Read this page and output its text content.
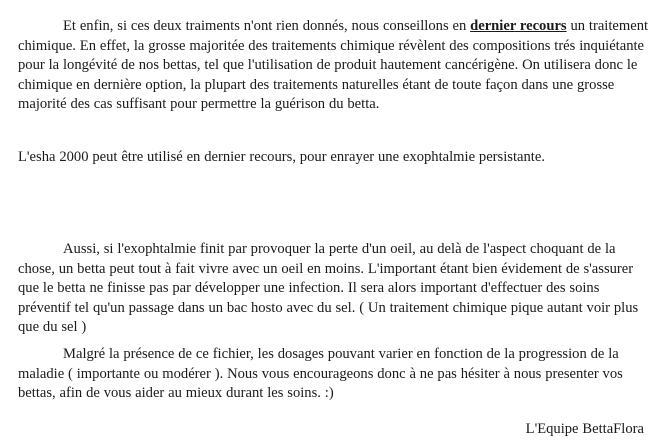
Et enfin, si ces deux traiments n'ont rien donnés, nous conseillons en dernier recours un traitement chimique. En effet, la grosse majoritée des traitements chimique révèlent des compositions trés inquiétante pour la longévité de nos bettas, tel que l'utilisation de produit hautement cancérigène. On utilisera donc le chimique en dernière option, la plupart des traitements naturelles étant de toute façon dans une grosse majorité des cas suffisant pour permettre la guérison du betta.

L'esha 2000 peut être utilisé en dernier recours, pour enrayer une exophtalmie persistante.

Aussi, si l'exophtalmie finit par provoquer la perte d'un oeil, au delà de l'aspect choquant de la chose, un betta peut tout à fait vivre avec un oeil en moins. L'important étant bien évidement de s'assurer que le betta ne finisse pas par développer une infection. Il sera alors important d'effectuer des soins préventif tel qu'un passage dans un bac hosto avec du sel. ( Un traitement chimique pique autant voir plus que du sel )

Malgré la présence de ce fichier, les dosages pouvant varier en fonction de la progression de la maladie ( importante ou modérer ). Nous vous encourageons donc à ne pas hésiter à nous presenter vos bettas, afin de vous aider au mieux durant les soins. :)

L'Equipe BettaFlora
